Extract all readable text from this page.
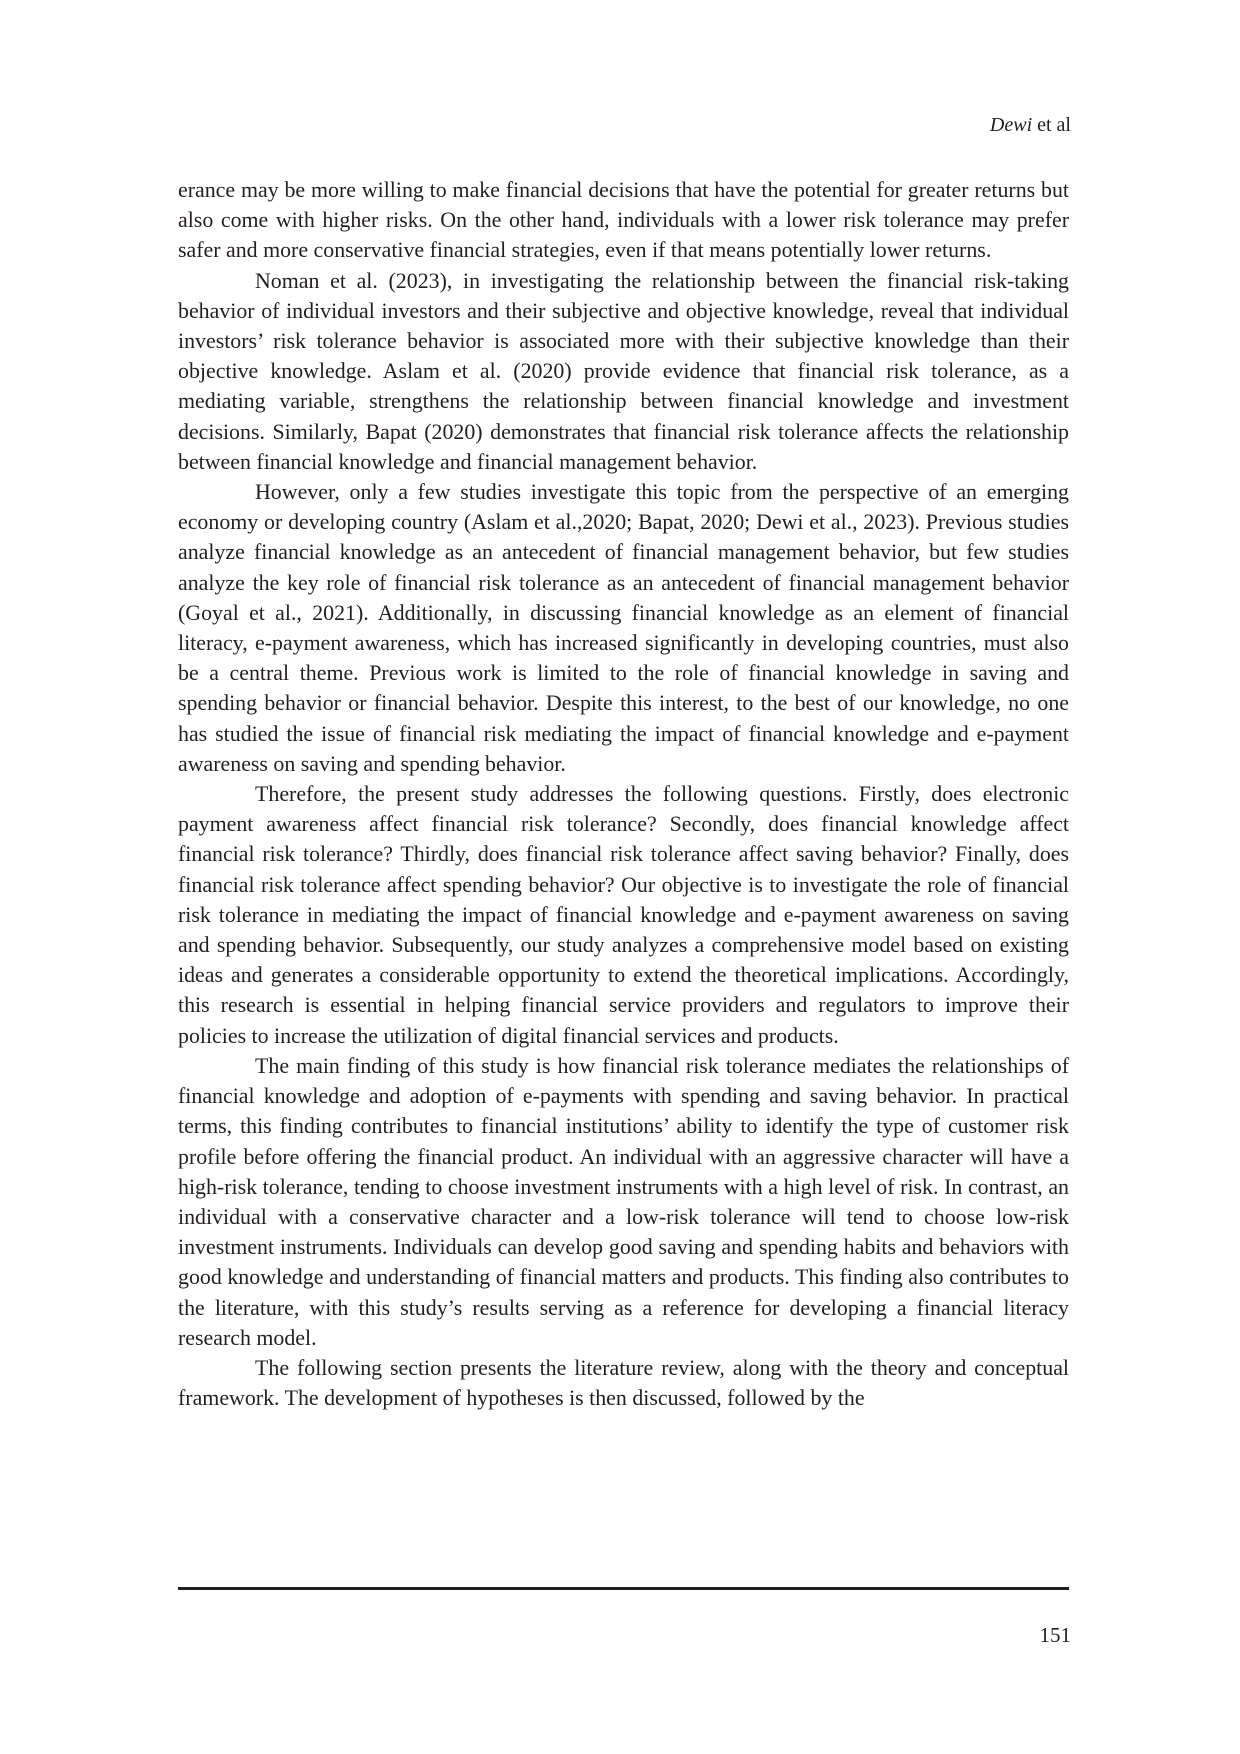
Dewi et al

erance may be more willing to make financial decisions that have the potential for greater returns but also come with higher risks. On the other hand, individuals with a lower risk tolerance may prefer safer and more conservative financial strategies, even if that means potentially lower returns.

Noman et al. (2023), in investigating the relationship between the financial risk-taking behavior of individual investors and their subjective and objective knowledge, reveal that individual investors’ risk tolerance behavior is associated more with their subjective knowledge than their objective knowledge. Aslam et al. (2020) provide evidence that financial risk tolerance, as a mediating variable, strengthens the relationship between financial knowledge and investment decisions. Similarly, Bapat (2020) demonstrates that financial risk tolerance affects the relationship between financial knowledge and financial management behavior.

However, only a few studies investigate this topic from the perspective of an emerging economy or developing country (Aslam et al.,2020; Bapat, 2020; Dewi et al., 2023). Previous studies analyze financial knowledge as an antecedent of financial management behavior, but few studies analyze the key role of financial risk tolerance as an antecedent of financial management behavior (Goyal et al., 2021). Additionally, in discussing financial knowledge as an element of financial literacy, e-payment awareness, which has increased significantly in developing countries, must also be a central theme. Previous work is limited to the role of financial knowledge in saving and spending behavior or financial behavior. Despite this interest, to the best of our knowledge, no one has studied the issue of financial risk mediating the impact of financial knowledge and e-payment awareness on saving and spending behavior.

Therefore, the present study addresses the following questions. Firstly, does electronic payment awareness affect financial risk tolerance? Secondly, does financial knowledge affect financial risk tolerance? Thirdly, does financial risk tolerance affect saving behavior? Finally, does financial risk tolerance affect spending behavior? Our objective is to investigate the role of financial risk tolerance in mediating the impact of financial knowledge and e-payment awareness on saving and spending behavior. Subsequently, our study analyzes a comprehensive model based on existing ideas and generates a considerable opportunity to extend the theoretical implications. Accordingly, this research is essential in helping financial service providers and regulators to improve their policies to increase the utilization of digital financial services and products.

The main finding of this study is how financial risk tolerance mediates the relationships of financial knowledge and adoption of e-payments with spending and saving behavior. In practical terms, this finding contributes to financial institutions’ ability to identify the type of customer risk profile before offering the financial product. An individual with an aggressive character will have a high-risk tolerance, tending to choose investment instruments with a high level of risk. In contrast, an individual with a conservative character and a low-risk tolerance will tend to choose low-risk investment instruments. Individuals can develop good saving and spending habits and behaviors with good knowledge and understanding of financial matters and products. This finding also contributes to the literature, with this study’s results serving as a reference for developing a financial literacy research model.

The following section presents the literature review, along with the theory and conceptual framework. The development of hypotheses is then discussed, followed by the

151
